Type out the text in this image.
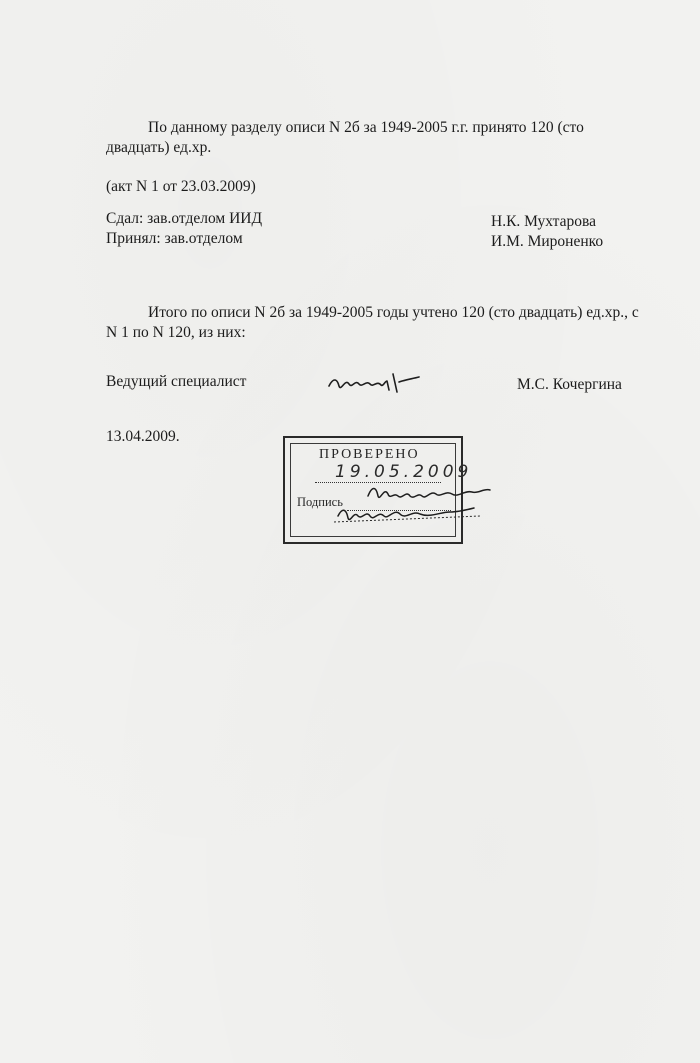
По данному разделу описи N 2б за 1949-2005 г.г. принято 120 (сто
двадцать) ед.хр.
(акт N 1 от 23.03.2009)
Сдал: зав.отделом ИИД
Принял: зав.отделом
Н.К. Мухтарова
И.М. Мироненко
Итого по описи N 2б за 1949-2005 годы учтено 120 (сто двадцать) ед.хр., с
N 1 по N 120, из них:
Ведущий специалист	М.С. Кочергина
13.04.2009.
ПРОВЕРЕНО
19.05.2009
Подпись
